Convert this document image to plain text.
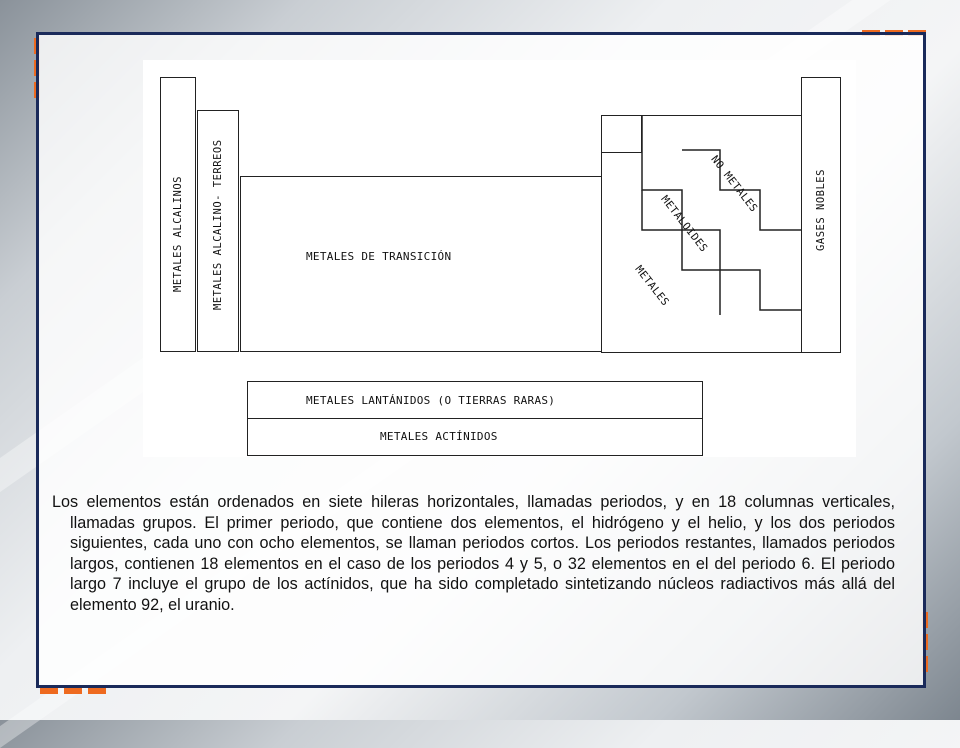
METALES ALCALINOS	METALES ALCALINO- TERREOS	METALES DE TRANSICIÓN
NO METALES
METALOIDES
METALES
GASES NOBLES
METALES LANTÁNIDOS (O TIERRAS RARAS)
METALES ACTÍNIDOS
Los elementos están ordenados en siete hileras horizontales, llamadas periodos, y en 18 columnas verticales, llamadas grupos. El primer periodo, que contiene dos elementos, el hidrógeno y el helio, y los dos periodos siguientes, cada uno con ocho elementos, se llaman periodos cortos. Los periodos restantes, llamados periodos largos, contienen 18 elementos en el caso de los periodos 4 y 5, o 32 elementos en el del periodo 6. El periodo largo 7 incluye el grupo de los actínidos, que ha sido completado sintetizando núcleos radiactivos más allá del elemento 92, el uranio.
